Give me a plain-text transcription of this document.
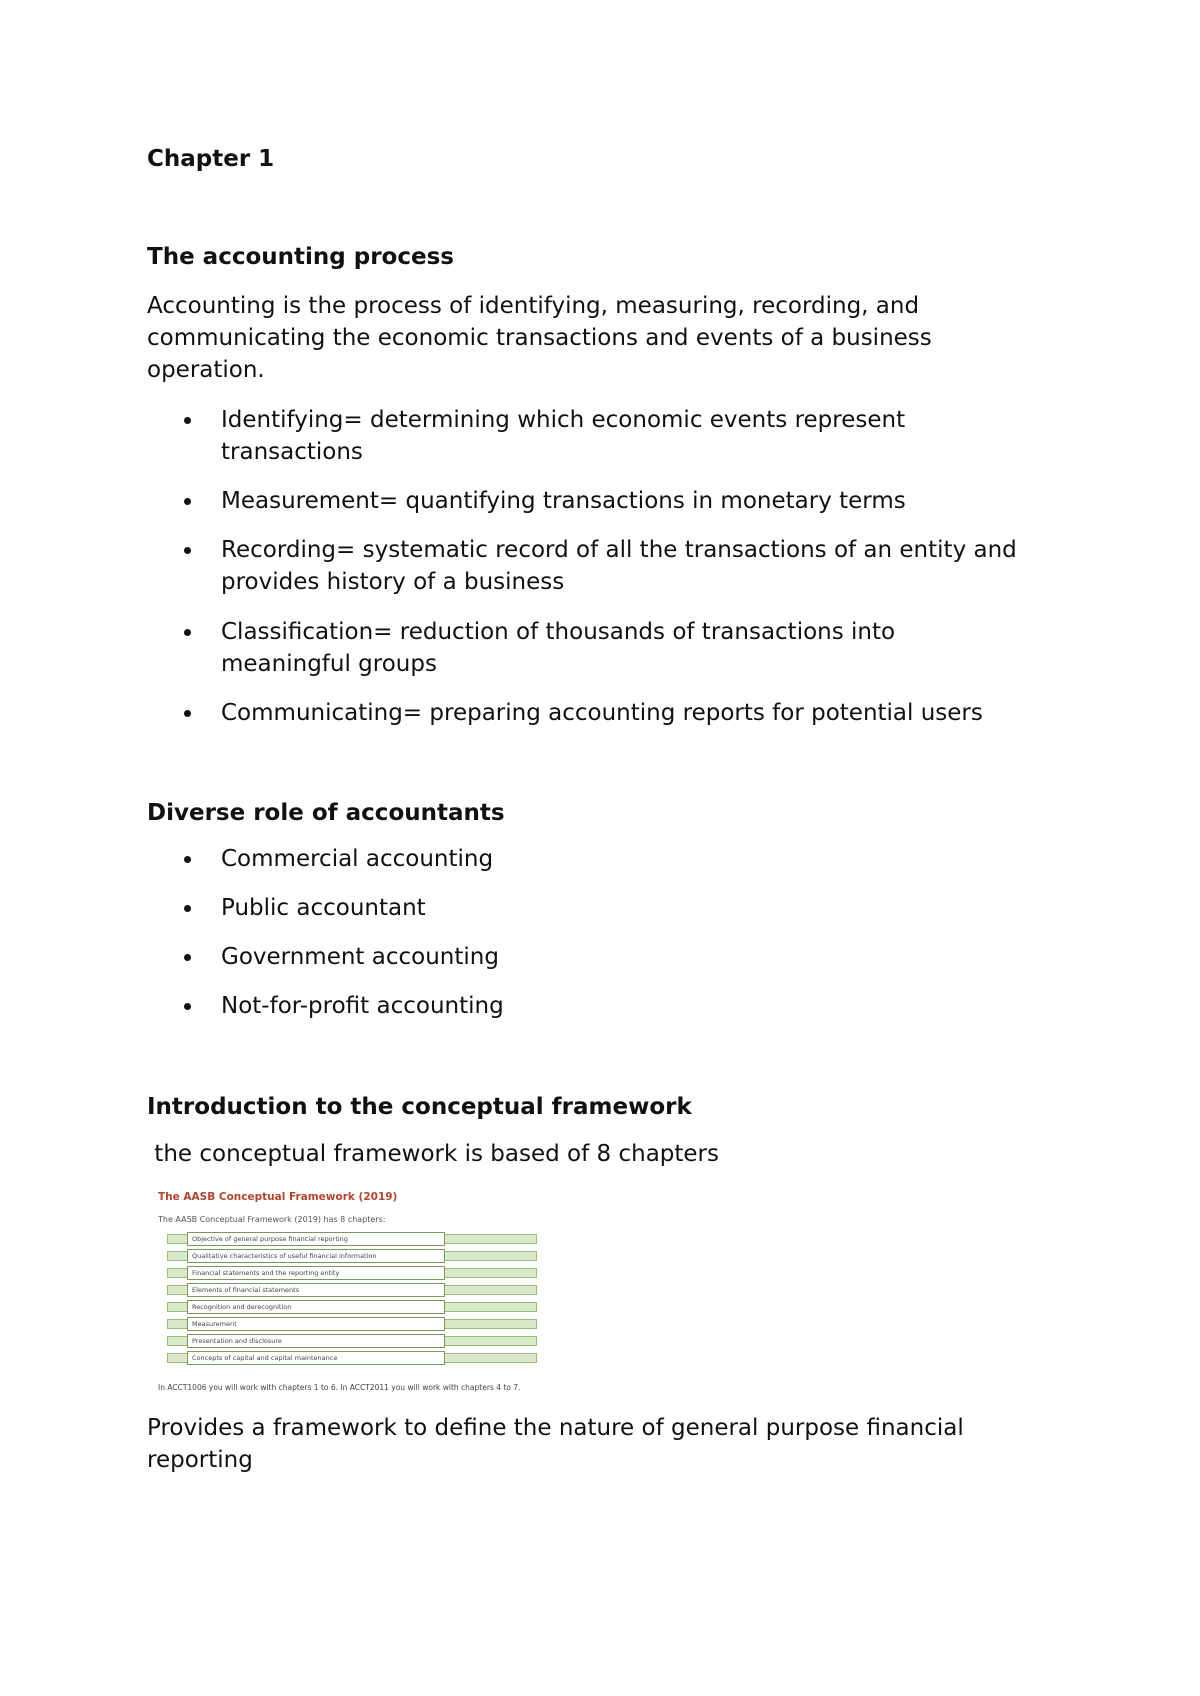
Chapter 1
The accounting process

Accounting is the process of identifying, measuring, recording, and communicating the economic transactions and events of a business operation.

Identifying= determining which economic events represent transactions
Measurement= quantifying transactions in monetary terms
Recording= systematic record of all the transactions of an entity and provides history of a business
Classification= reduction of thousands of transactions into meaningful groups
Communicating= preparing accounting reports for potential users
Diverse role of accountants
Commercial accounting
Public accountant
Government accounting
Not-for-profit accounting
Introduction to the conceptual framework

the conceptual framework is based of 8 chapters

The AASB Conceptual Framework (2019)
The AASB Conceptual Framework (2019) has 8 chapters:
Objective of general purpose financial reporting
Qualitative characteristics of useful financial information
Financial statements and the reporting entity
Elements of financial statements
Recognition and derecognition
Measurement
Presentation and disclosure
Concepts of capital and capital maintenance
In ACCT1006 you will work with chapters 1 to 6. In ACCT2011 you will work with chapters 4 to 7.

Provides a framework to define the nature of general purpose financial reporting
